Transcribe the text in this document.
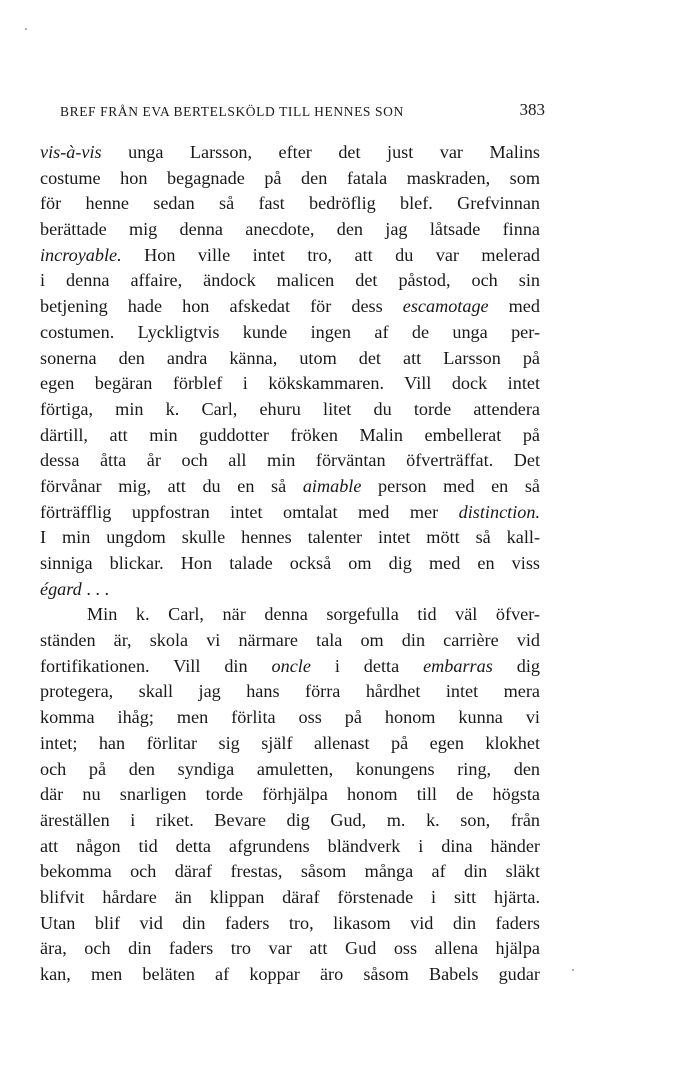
BREF FRÅN EVA BERTELSKÖLD TILL HENNES SON	383
vis-à-vis unga Larsson, efter det just var Malins
costume hon begagnade på den fatala maskraden, som
för henne sedan så fast bedröflig blef. Grefvinnan
berättade mig denna anecdote, den jag låtsade finna
incroyable. Hon ville intet tro, att du var melerad
i denna affaire, ändock malicen det påstod, och sin
betjening hade hon afskedat för dess escamotage med
costumen. Lyckligtvis kunde ingen af de unga per-
sonerna den andra känna, utom det att Larsson på
egen begäran förblef i kökskammaren. Vill dock intet
förtiga, min k. Carl, ehuru litet du torde attendera
därtill, att min guddotter fröken Malin embellerat på
dessa åtta år och all min förväntan öfverträffat. Det
förvånar mig, att du en så aimable person med en så
förträfflig uppfostran intet omtalat med mer distinction.
I min ungdom skulle hennes talenter intet mött så kall-
sinniga blickar. Hon talade också om dig med en viss
égard . . .
Min k. Carl, när denna sorgefulla tid väl öfver-
ständen är, skola vi närmare tala om din carrière vid
fortifikationen. Vill din oncle i detta embarras dig
protegera, skall jag hans förra hårdhet intet mera
komma ihåg; men förlita oss på honom kunna vi
intet; han förlitar sig själf allenast på egen klokhet
och på den syndiga amuletten, konungens ring, den
där nu snarligen torde förhjälpa honom till de högsta
äreställen i riket. Bevare dig Gud, m. k. son, från
att någon tid detta afgrundens bländverk i dina händer
bekomma och däraf frestas, såsom många af din släkt
blifvit hårdare än klippan däraf förstenade i sitt hjärta.
Utan blif vid din faders tro, likasom vid din faders
ära, och din faders tro var att Gud oss allena hjälpa
kan, men beläten af koppar äro såsom Babels gudar
